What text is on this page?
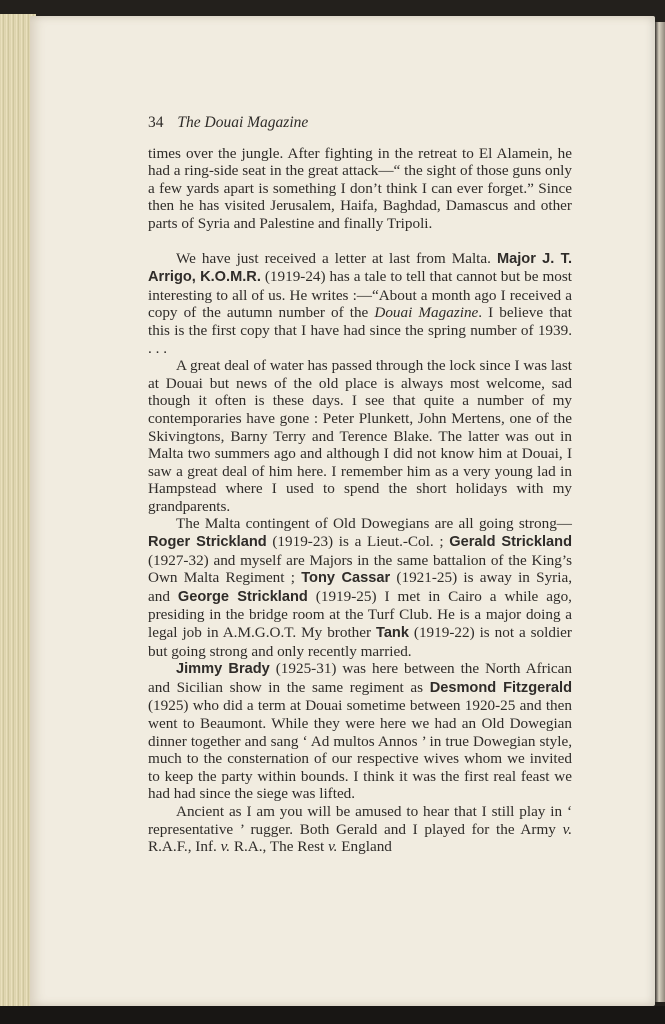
34 The Douai Magazine

times over the jungle. After fighting in the retreat to El Alamein, he had a ring-side seat in the great attack—“ the sight of those guns only a few yards apart is something I don’t think I can ever forget.” Since then he has visited Jerusalem, Haifa, Baghdad, Damascus and other parts of Syria and Palestine and finally Tripoli.

We have just received a letter at last from Malta. Major J. T. Arrigo, K.O.M.R. (1919-24) has a tale to tell that cannot but be most interesting to all of us. He writes :—“About a month ago I received a copy of the autumn number of the Douai Magazine. I believe that this is the first copy that I have had since the spring number of 1939. . . .

A great deal of water has passed through the lock since I was last at Douai but news of the old place is always most welcome, sad though it often is these days. I see that quite a number of my contemporaries have gone : Peter Plunkett, John Mertens, one of the Skivingtons, Barny Terry and Terence Blake. The latter was out in Malta two summers ago and although I did not know him at Douai, I saw a great deal of him here. I remember him as a very young lad in Hampstead where I used to spend the short holidays with my grandparents.

The Malta contingent of Old Dowegians are all going strong—Roger Strickland (1919-23) is a Lieut.-Col. ; Gerald Strickland (1927-32) and myself are Majors in the same battalion of the King’s Own Malta Regiment ; Tony Cassar (1921-25) is away in Syria, and George Strickland (1919-25) I met in Cairo a while ago, presiding in the bridge room at the Turf Club. He is a major doing a legal job in A.M.G.O.T. My brother Tank (1919-22) is not a soldier but going strong and only recently married.

Jimmy Brady (1925-31) was here between the North African and Sicilian show in the same regiment as Desmond Fitzgerald (1925) who did a term at Douai sometime between 1920-25 and then went to Beaumont. While they were here we had an Old Dowegian dinner together and sang ‘ Ad multos Annos ’ in true Dowegian style, much to the consternation of our respective wives whom we invited to keep the party within bounds. I think it was the first real feast we had had since the siege was lifted.

Ancient as I am you will be amused to hear that I still play in ‘ representative ’ rugger. Both Gerald and I played for the Army v. R.A.F., Inf. v. R.A., The Rest v. England
